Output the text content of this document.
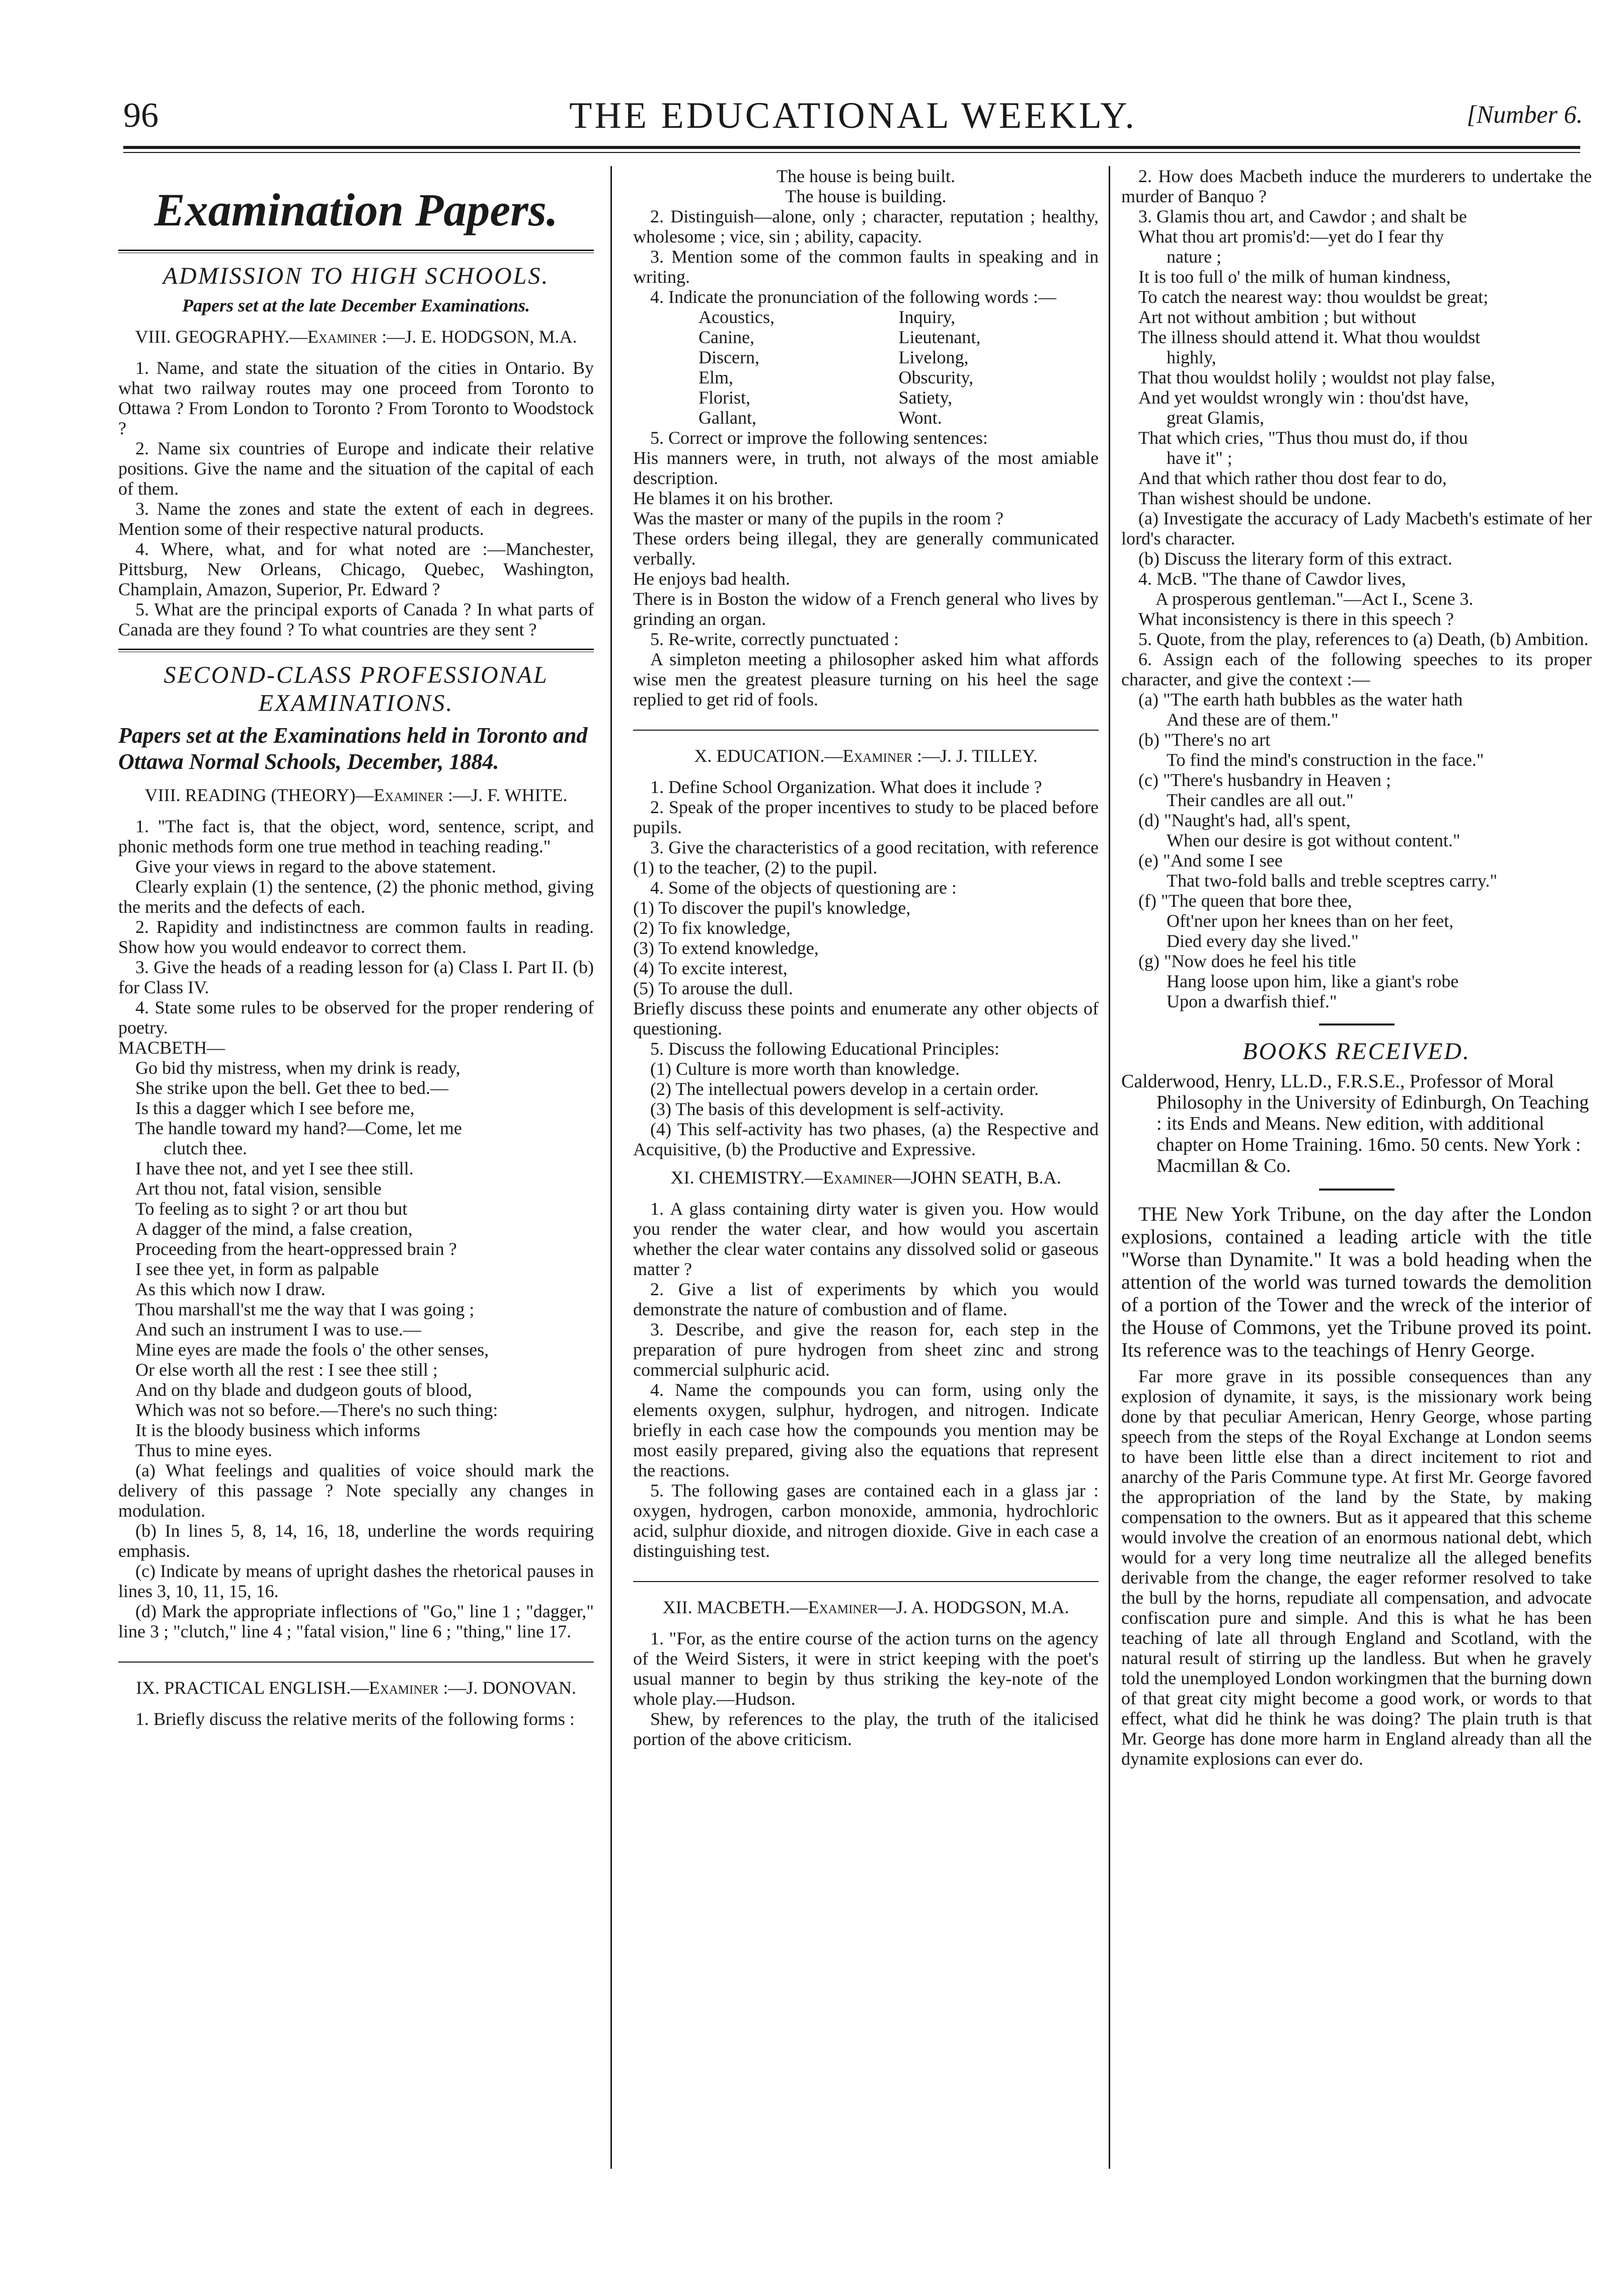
96	THE EDUCATIONAL WEEKLY.	[Number 6.
Examination Papers.
ADMISSION TO HIGH SCHOOLS.
Papers set at the late December Examinations.

VIII. GEOGRAPHY.—Examiner :—J. E. HODGSON, M.A.

1. Name, and state the situation of the cities in Ontario. By what two railway routes may one proceed from Toronto to Ottawa ? From London to Toronto ? From Toronto to Woodstock ?

2. Name six countries of Europe and indicate their relative positions. Give the name and the situation of the capital of each of them.

3. Name the zones and state the extent of each in degrees. Mention some of their respective natural products.

4. Where, what, and for what noted are :—Manchester, Pittsburg, New Orleans, Chicago, Quebec, Washington, Champlain, Amazon, Superior, Pr. Edward ?

5. What are the principal exports of Canada ? In what parts of Canada are they found ? To what countries are they sent ?

SECOND-CLASS PROFESSIONAL EXAMINATIONS.
Papers set at the Examinations held in Toronto and Ottawa Normal Schools, December, 1884.

VIII. READING (THEORY)—Examiner :—J. F. WHITE.

1. "The fact is, that the object, word, sentence, script, and phonic methods form one true method in teaching reading."

Give your views in regard to the above statement.

Clearly explain (1) the sentence, (2) the phonic method, giving the merits and the defects of each.

2. Rapidity and indistinctness are common faults in reading. Show how you would endeavor to correct them.

3. Give the heads of a reading lesson for (a) Class I. Part II. (b) for Class IV.

4. State some rules to be observed for the proper rendering of poetry.

MACBETH—

Go bid thy mistress, when my drink is ready,
She strike upon the bell. Get thee to bed.—
Is this a dagger which I see before me,
The handle toward my hand?—Come, let me
clutch thee.
I have thee not, and yet I see thee still.
Art thou not, fatal vision, sensible
To feeling as to sight ? or art thou but
A dagger of the mind, a false creation,
Proceeding from the heart-oppressed brain ?
I see thee yet, in form as palpable
As this which now I draw.
Thou marshall'st me the way that I was going ;
And such an instrument I was to use.—
Mine eyes are made the fools o' the other senses,
Or else worth all the rest : I see thee still ;
And on thy blade and dudgeon gouts of blood,
Which was not so before.—There's no such thing:
It is the bloody business which informs
Thus to mine eyes.

(a) What feelings and qualities of voice should mark the delivery of this passage ? Note specially any changes in modulation.

(b) In lines 5, 8, 14, 16, 18, underline the words requiring emphasis.

(c) Indicate by means of upright dashes the rhetorical pauses in lines 3, 10, 11, 15, 16.

(d) Mark the appropriate inflections of "Go," line 1 ; "dagger," line 3 ; "clutch," line 4 ; "fatal vision," line 6 ; "thing," line 17.

IX. PRACTICAL ENGLISH.—Examiner :—J. DONOVAN.

1. Briefly discuss the relative merits of the following forms :

The house is being built.

The house is building.

2. Distinguish—alone, only ; character, reputation ; healthy, wholesome ; vice, sin ; ability, capacity.

3. Mention some of the common faults in speaking and in writing.

4. Indicate the pronunciation of the following words :—

Acoustics,	Inquiry,
Canine,	Lieutenant,
Discern,	Livelong,
Elm,	Obscurity,
Florist,	Satiety,
Gallant,	Wont.

5. Correct or improve the following sentences:

His manners were, in truth, not always of the most amiable description.

He blames it on his brother.

Was the master or many of the pupils in the room ?

These orders being illegal, they are generally communicated verbally.

He enjoys bad health.

There is in Boston the widow of a French general who lives by grinding an organ.

5. Re-write, correctly punctuated :

A simpleton meeting a philosopher asked him what affords wise men the greatest pleasure turning on his heel the sage replied to get rid of fools.

X. EDUCATION.—Examiner :—J. J. TILLEY.

1. Define School Organization. What does it include ?

2. Speak of the proper incentives to study to be placed before pupils.

3. Give the characteristics of a good recitation, with reference (1) to the teacher, (2) to the pupil.

4. Some of the objects of questioning are :

(1) To discover the pupil's knowledge,

(2) To fix knowledge,

(3) To extend knowledge,

(4) To excite interest,

(5) To arouse the dull.

Briefly discuss these points and enumerate any other objects of questioning.

5. Discuss the following Educational Principles:

(1) Culture is more worth than knowledge.

(2) The intellectual powers develop in a certain order.

(3) The basis of this development is self-activity.

(4) This self-activity has two phases, (a) the Respective and Acquisitive, (b) the Productive and Expressive.

XI. CHEMISTRY.—Examiner—JOHN SEATH, B.A.

1. A glass containing dirty water is given you. How would you render the water clear, and how would you ascertain whether the clear water contains any dissolved solid or gaseous matter ?

2. Give a list of experiments by which you would demonstrate the nature of combustion and of flame.

3. Describe, and give the reason for, each step in the preparation of pure hydrogen from sheet zinc and strong commercial sulphuric acid.

4. Name the compounds you can form, using only the elements oxygen, sulphur, hydrogen, and nitrogen. Indicate briefly in each case how the compounds you mention may be most easily prepared, giving also the equations that represent the reactions.

5. The following gases are contained each in a glass jar : oxygen, hydrogen, carbon monoxide, ammonia, hydrochloric acid, sulphur dioxide, and nitrogen dioxide. Give in each case a distinguishing test.

XII. MACBETH.—Examiner—J. A. HODGSON, M.A.

1. "For, as the entire course of the action turns on the agency of the Weird Sisters, it were in strict keeping with the poet's usual manner to begin by thus striking the key-note of the whole play.—Hudson.

Shew, by references to the play, the truth of the italicised portion of the above criticism.

2. How does Macbeth induce the murderers to undertake the murder of Banquo ?

3. Glamis thou art, and Cawdor ; and shalt be

What thou art promis'd:—yet do I fear thy
nature ;
It is too full o' the milk of human kindness,
To catch the nearest way: thou wouldst be great;
Art not without ambition ; but without
The illness should attend it. What thou wouldst
highly,
That thou wouldst holily ; wouldst not play false,
And yet wouldst wrongly win : thou'dst have,
great Glamis,
That which cries, "Thus thou must do, if thou
have it" ;
And that which rather thou dost fear to do,
Than wishest should be undone.

(a) Investigate the accuracy of Lady Macbeth's estimate of her lord's character.

(b) Discuss the literary form of this extract.

4. McB. "The thane of Cawdor lives,

A prosperous gentleman."—Act I., Scene 3.

What inconsistency is there in this speech ?

5. Quote, from the play, references to (a) Death, (b) Ambition.

6. Assign each of the following speeches to its proper character, and give the context :—

(a) "The earth hath bubbles as the water hath
And these are of them."
(b) "There's no art
To find the mind's construction in the face."
(c) "There's husbandry in Heaven ;
Their candles are all out."
(d) "Naught's had, all's spent,
When our desire is got without content."
(e) "And some I see
That two-fold balls and treble sceptres carry."
(f) "The queen that bore thee,
Oft'ner upon her knees than on her feet,
Died every day she lived."
(g) "Now does he feel his title
Hang loose upon him, like a giant's robe
Upon a dwarfish thief."
BOOKS RECEIVED.

Calderwood, Henry, LL.D., F.R.S.E., Professor of Moral Philosophy in the University of Edinburgh, On Teaching : its Ends and Means. New edition, with additional chapter on Home Training. 16mo. 50 cents. New York : Macmillan & Co.

THE New York Tribune, on the day after the London explosions, contained a leading article with the title "Worse than Dynamite." It was a bold heading when the attention of the world was turned towards the demolition of a portion of the Tower and the wreck of the interior of the House of Commons, yet the Tribune proved its point. Its reference was to the teachings of Henry George.

Far more grave in its possible consequences than any explosion of dynamite, it says, is the missionary work being done by that peculiar American, Henry George, whose parting speech from the steps of the Royal Exchange at London seems to have been little else than a direct incitement to riot and anarchy of the Paris Commune type. At first Mr. George favored the appropriation of the land by the State, by making compensation to the owners. But as it appeared that this scheme would involve the creation of an enormous national debt, which would for a very long time neutralize all the alleged benefits derivable from the change, the eager reformer resolved to take the bull by the horns, repudiate all compensation, and advocate confiscation pure and simple. And this is what he has been teaching of late all through England and Scotland, with the natural result of stirring up the landless. But when he gravely told the unemployed London workingmen that the burning down of that great city might become a good work, or words to that effect, what did he think he was doing? The plain truth is that Mr. George has done more harm in England already than all the dynamite explosions can ever do.
